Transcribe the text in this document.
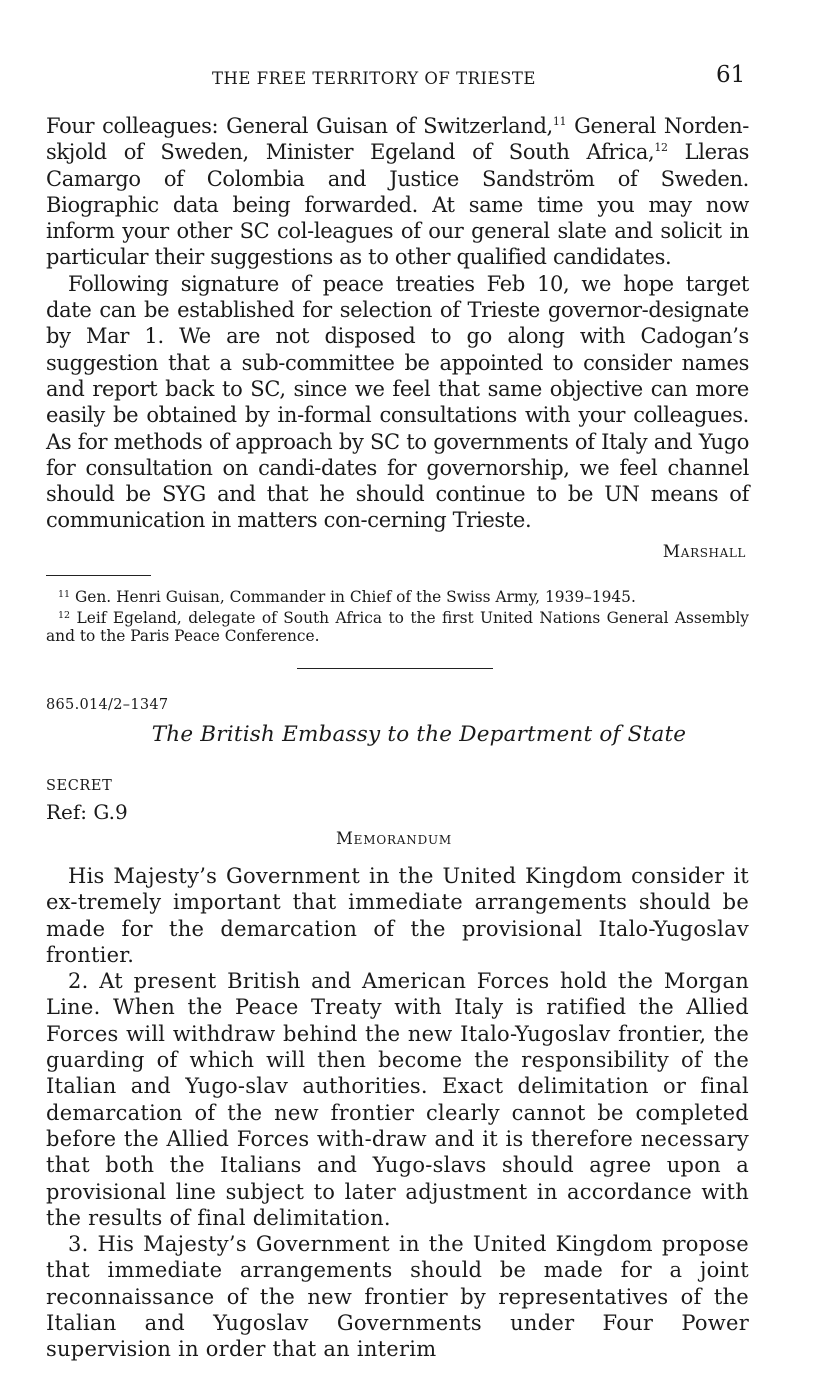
THE FREE TERRITORY OF TRIESTE	61

Four colleagues: General Guisan of Switzerland,$^{11}$ General Norden-skjold of Sweden, Minister Egeland of South Africa,$^{12}$ Lleras Camargo of Colombia and Justice Sandström of Sweden. Biographic data being forwarded. At same time you may now inform your other SC col-leagues of our general slate and solicit in particular their suggestions as to other qualified candidates.

Following signature of peace treaties Feb 10, we hope target date can be established for selection of Trieste governor-designate by Mar 1. We are not disposed to go along with Cadogan’s suggestion that a sub-committee be appointed to consider names and report back to SC, since we feel that same objective can more easily be obtained by in-formal consultations with your colleagues. As for methods of approach by SC to governments of Italy and Yugo for consultation on candi-dates for governorship, we feel channel should be SYG and that he should continue to be UN means of communication in matters con-cerning Trieste.

Marshall

$^{11}$ Gen. Henri Guisan, Commander in Chief of the Swiss Army, 1939–1945.

$^{12}$ Leif Egeland, delegate of South Africa to the first United Nations General Assembly and to the Paris Peace Conference.

865.014/2–1347
The British Embassy to the Department of State
SECRET
Ref: G.9
Memorandum

His Majesty’s Government in the United Kingdom consider it ex-tremely important that immediate arrangements should be made for the demarcation of the provisional Italo-Yugoslav frontier.

2. At present British and American Forces hold the Morgan Line. When the Peace Treaty with Italy is ratified the Allied Forces will withdraw behind the new Italo-Yugoslav frontier, the guarding of which will then become the responsibility of the Italian and Yugo-slav authorities. Exact delimitation or final demarcation of the new frontier clearly cannot be completed before the Allied Forces with-draw and it is therefore necessary that both the Italians and Yugo-slavs should agree upon a provisional line subject to later adjustment in accordance with the results of final delimitation.

3. His Majesty’s Government in the United Kingdom propose that immediate arrangements should be made for a joint reconnaissance of the new frontier by representatives of the Italian and Yugoslav Governments under Four Power supervision in order that an interim
